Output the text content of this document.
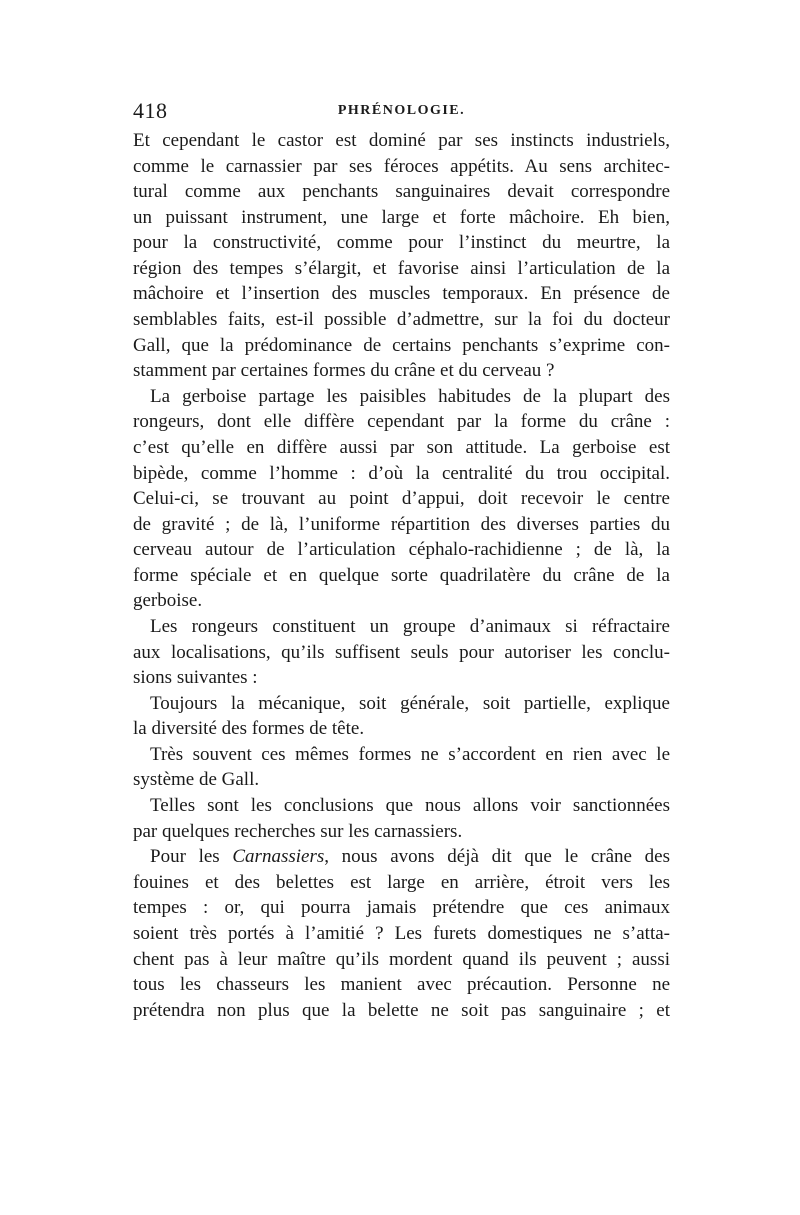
418	PHRÉNOLOGIE.
Et cependant le castor est dominé par ses instincts industriels,
comme le carnassier par ses féroces appétits. Au sens architec-
tural comme aux penchants sanguinaires devait correspondre
un puissant instrument, une large et forte mâchoire. Eh bien,
pour la constructivité, comme pour l’instinct du meurtre, la
région des tempes s’élargit, et favorise ainsi l’articulation de la
mâchoire et l’insertion des muscles temporaux. En présence de
semblables faits, est-il possible d’admettre, sur la foi du docteur
Gall, que la prédominance de certains penchants s’exprime con-
stamment par certaines formes du crâne et du cerveau ?
La gerboise partage les paisibles habitudes de la plupart des
rongeurs, dont elle diffère cependant par la forme du crâne :
c’est qu’elle en diffère aussi par son attitude. La gerboise est
bipède, comme l’homme : d’où la centralité du trou occipital.
Celui-ci, se trouvant au point d’appui, doit recevoir le centre
de gravité ; de là, l’uniforme répartition des diverses parties du
cerveau autour de l’articulation céphalo-rachidienne ; de là, la
forme spéciale et en quelque sorte quadrilatère du crâne de la
gerboise.
Les rongeurs constituent un groupe d’animaux si réfractaire
aux localisations, qu’ils suffisent seuls pour autoriser les conclu-
sions suivantes :
Toujours la mécanique, soit générale, soit partielle, explique
la diversité des formes de tête.
Très souvent ces mêmes formes ne s’accordent en rien avec le
système de Gall.
Telles sont les conclusions que nous allons voir sanctionnées
par quelques recherches sur les carnassiers.
Pour les Carnassiers, nous avons déjà dit que le crâne des
fouines et des belettes est large en arrière, étroit vers les
tempes : or, qui pourra jamais prétendre que ces animaux
soient très portés à l’amitié ? Les furets domestiques ne s’atta-
chent pas à leur maître qu’ils mordent quand ils peuvent ; aussi
tous les chasseurs les manient avec précaution. Personne ne
prétendra non plus que la belette ne soit pas sanguinaire ; et
